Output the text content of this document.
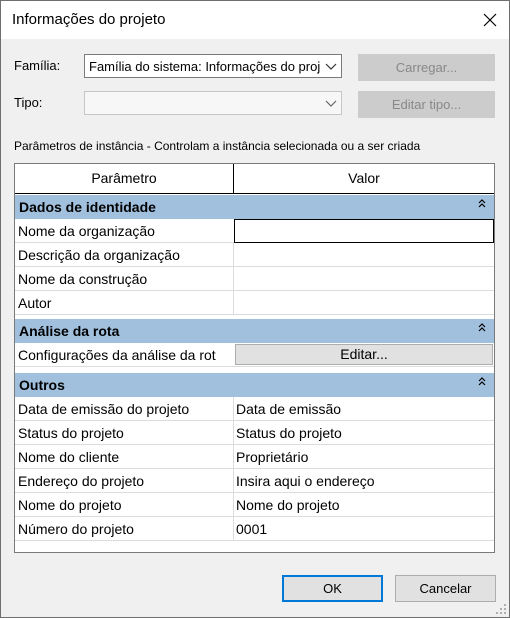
Informações do projeto
Família: Família do sistema: Informações do proj	Carregar...
Tipo:	Editar tipo...
Parâmetros de instância - Controlam a instância selecionada ou a ser criada
Parâmetro	Valor
Dados de identidade
Nome da organização
Descrição da organização
Nome da construção
Autor
Análise da rota
Configurações da análise da rot	Editar...
Outros
Data de emissão do projeto	Data de emissão
Status do projeto	Status do projeto
Nome do cliente	Proprietário
Endereço do projeto	Insira aqui o endereço
Nome do projeto	Nome do projeto
Número do projeto	0001
OK	Cancelar
